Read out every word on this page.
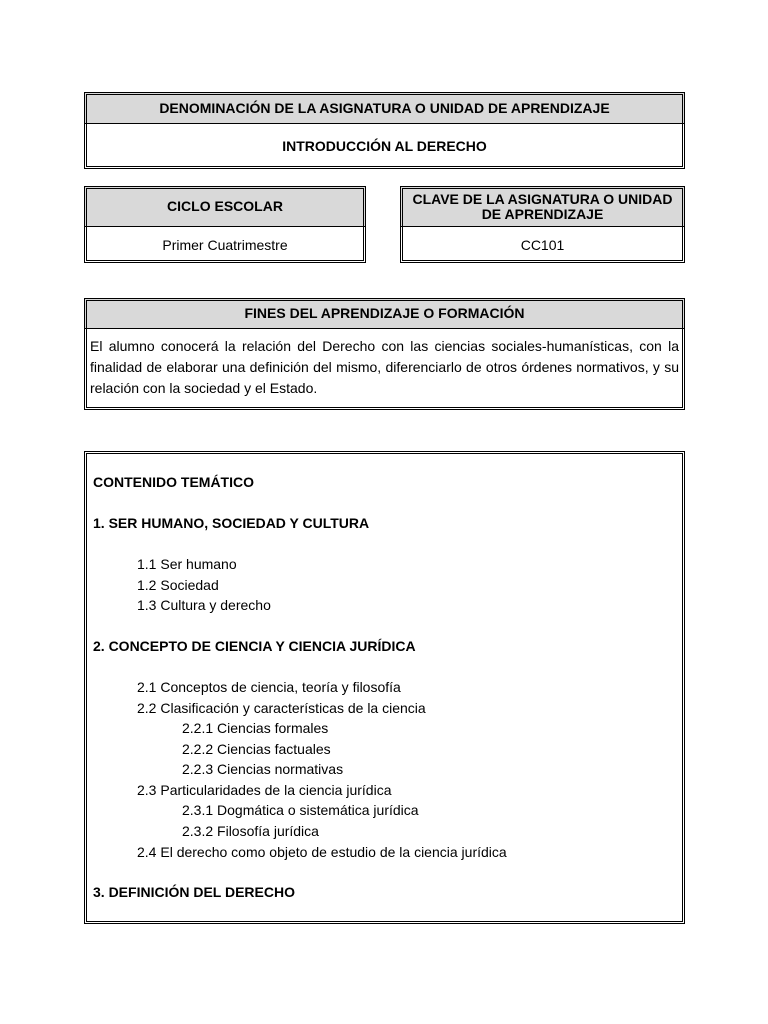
DENOMINACIÓN DE LA ASIGNATURA O UNIDAD DE APRENDIZAJE
INTRODUCCIÓN AL DERECHO
CICLO ESCOLAR
Primer Cuatrimestre
CLAVE DE LA ASIGNATURA O UNIDAD DE APRENDIZAJE
CC101
FINES DEL APRENDIZAJE O FORMACIÓN
El alumno conocerá la relación del Derecho con las ciencias sociales-humanísticas, con la finalidad de elaborar una definición del mismo, diferenciarlo de otros órdenes normativos, y su relación con la sociedad y el Estado.
CONTENIDO TEMÁTICO
1. SER HUMANO, SOCIEDAD Y CULTURA
1.1 Ser humano
1.2 Sociedad
1.3 Cultura y derecho
2. CONCEPTO DE CIENCIA Y CIENCIA JURÍDICA
2.1 Conceptos de ciencia, teoría y filosofía
2.2 Clasificación y características de la ciencia
2.2.1 Ciencias formales
2.2.2 Ciencias factuales
2.2.3 Ciencias normativas
2.3 Particularidades de la ciencia jurídica
2.3.1 Dogmática o sistemática jurídica
2.3.2 Filosofía jurídica
2.4 El derecho como objeto de estudio de la ciencia jurídica
3. DEFINICIÓN DEL DERECHO
